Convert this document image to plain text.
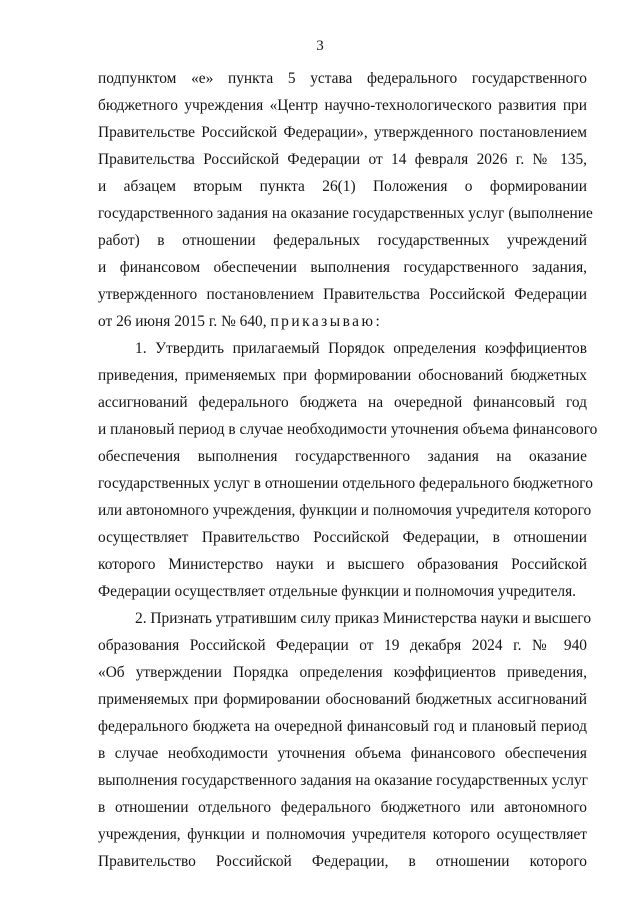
3
подпунктом «е» пункта 5 устава федерального государственного
бюджетного учреждения «Центр научно-технологического развития при
Правительстве Российской Федерации», утвержденного постановлением
Правительства Российской Федерации от 14 февраля 2026 г. № 135,
и абзацем вторым пункта 26(1) Положения о формировании
государственного задания на оказание государственных услуг (выполнение
работ) в отношении федеральных государственных учреждений
и финансовом обеспечении выполнения государственного задания,
утвержденного постановлением Правительства Российской Федерации
от 26 июня 2015 г. № 640, приказываю:
1. Утвердить прилагаемый Порядок определения коэффициентов
приведения, применяемых при формировании обоснований бюджетных
ассигнований федерального бюджета на очередной финансовый год
и плановый период в случае необходимости уточнения объема финансового
обеспечения выполнения государственного задания на оказание
государственных услуг в отношении отдельного федерального бюджетного
или автономного учреждения, функции и полномочия учредителя которого
осуществляет Правительство Российской Федерации, в отношении
которого Министерство науки и высшего образования Российской
Федерации осуществляет отдельные функции и полномочия учредителя.
2. Признать утратившим силу приказ Министерства науки и высшего
образования Российской Федерации от 19 декабря 2024 г. № 940
«Об утверждении Порядка определения коэффициентов приведения,
применяемых при формировании обоснований бюджетных ассигнований
федерального бюджета на очередной финансовый год и плановый период
в случае необходимости уточнения объема финансового обеспечения
выполнения государственного задания на оказание государственных услуг
в отношении отдельного федерального бюджетного или автономного
учреждения, функции и полномочия учредителя которого осуществляет
Правительство Российской Федерации, в отношении которого
